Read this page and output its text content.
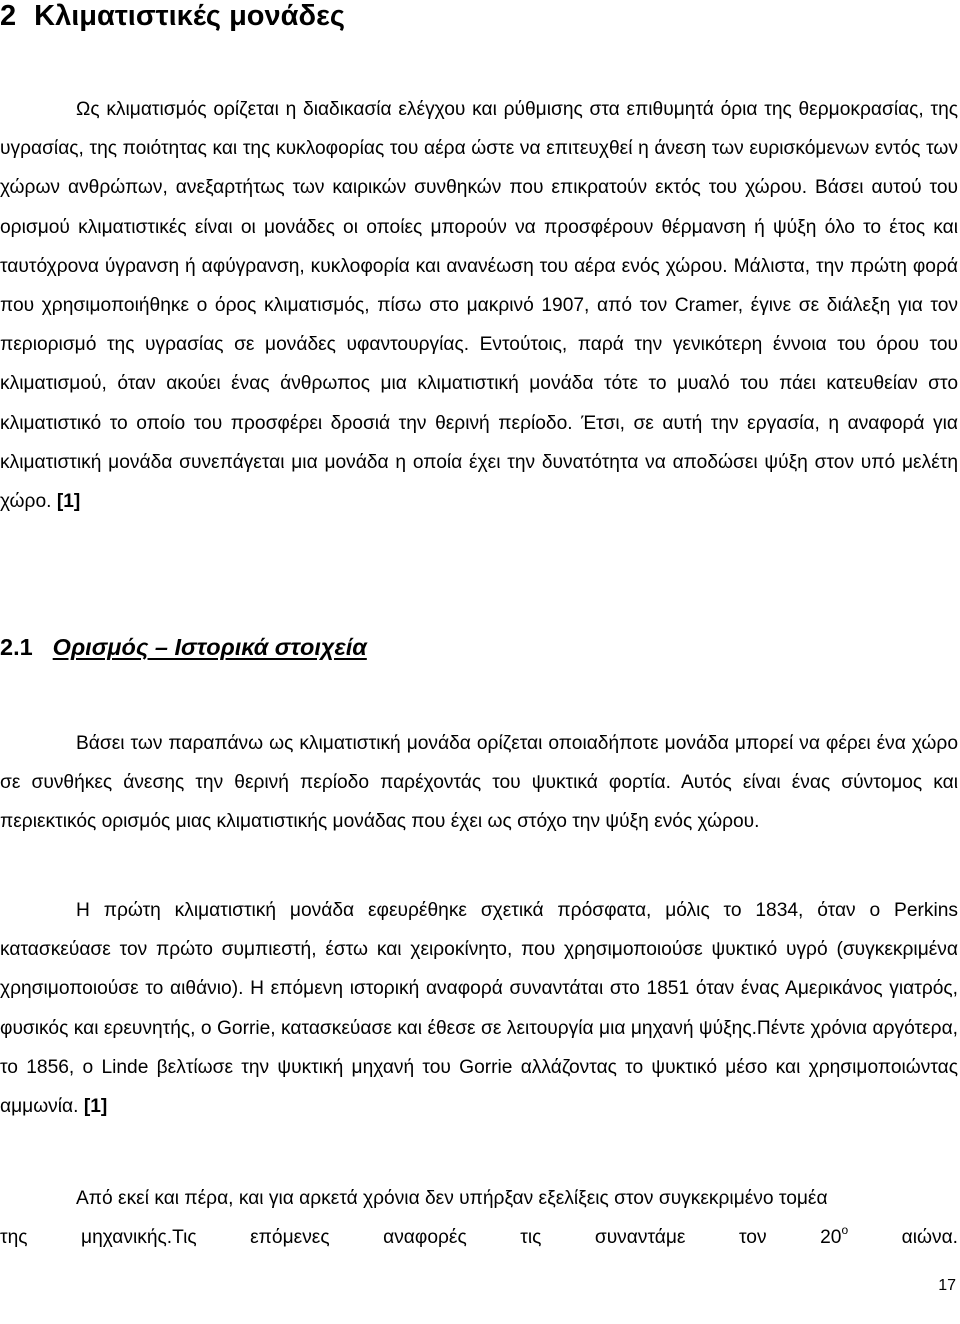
2 Κλιματιστικές μονάδες

Ως κλιματισμός ορίζεται η διαδικασία ελέγχου και ρύθμισης στα επιθυμητά όρια της θερμοκρασίας, της υγρασίας, της ποιότητας και της κυκλοφορίας του αέρα ώστε να επιτευχθεί η άνεση των ευρισκόμενων εντός των χώρων ανθρώπων, ανεξαρτήτως των καιρικών συνθηκών που επικρατούν εκτός του χώρου. Βάσει αυτού του ορισμού κλιματιστικές είναι οι μονάδες οι οποίες μπορούν να προσφέρουν θέρμανση ή ψύξη όλο το έτος και ταυτόχρονα ύγρανση ή αφύγρανση, κυκλοφορία και ανανέωση του αέρα ενός χώρου. Μάλιστα, την πρώτη φορά που χρησιμοποιήθηκε ο όρος κλιματισμός, πίσω στο μακρινό 1907, από τον Cramer, έγινε σε διάλεξη για τον περιορισμό της υγρασίας σε μονάδες υφαντουργίας. Εντούτοις, παρά την γενικότερη έννοια του όρου του κλιματισμού, όταν ακούει ένας άνθρωπος μια κλιματιστική μονάδα τότε το μυαλό του πάει κατευθείαν στο κλιματιστικό το οποίο του προσφέρει δροσιά την θερινή περίοδο. Έτσι, σε αυτή την εργασία, η αναφορά για κλιματιστική μονάδα συνεπάγεται μια μονάδα η οποία έχει την δυνατότητα να αποδώσει ψύξη στον υπό μελέτη χώρο. [1]

2.1 Ορισμός – Ιστορικά στοιχεία

Βάσει των παραπάνω ως κλιματιστική μονάδα ορίζεται οποιαδήποτε μονάδα μπορεί να φέρει ένα χώρο σε συνθήκες άνεσης την θερινή περίοδο παρέχοντάς του ψυκτικά φορτία. Αυτός είναι ένας σύντομος και περιεκτικός ορισμός μιας κλιματιστικής μονάδας που έχει ως στόχο την ψύξη ενός χώρου.

Η πρώτη κλιματιστική μονάδα εφευρέθηκε σχετικά πρόσφατα, μόλις το 1834, όταν ο Perkins κατασκεύασε τον πρώτο συμπιεστή, έστω και χειροκίνητο, που χρησιμοποιούσε ψυκτικό υγρό (συγκεκριμένα χρησιμοποιούσε το αιθάνιο). Η επόμενη ιστορική αναφορά συναντάται στο 1851 όταν ένας Αμερικάνος γιατρός, φυσικός και ερευνητής, ο Gorrie, κατασκεύασε και έθεσε σε λειτουργία μια μηχανή ψύξης.Πέντε χρόνια αργότερα, το 1856, ο Linde βελτίωσε την ψυκτική μηχανή του Gorrie αλλάζοντας το ψυκτικό μέσο και χρησιμοποιώντας αμμωνία. [1]

Από εκεί και πέρα, και για αρκετά χρόνια δεν υπήρξαν εξελίξεις στον συγκεκριμένο τομέα
της μηχανικής.Τις επόμενες αναφορές τις συναντάμε τον $20^o$ αιώνα.
17
